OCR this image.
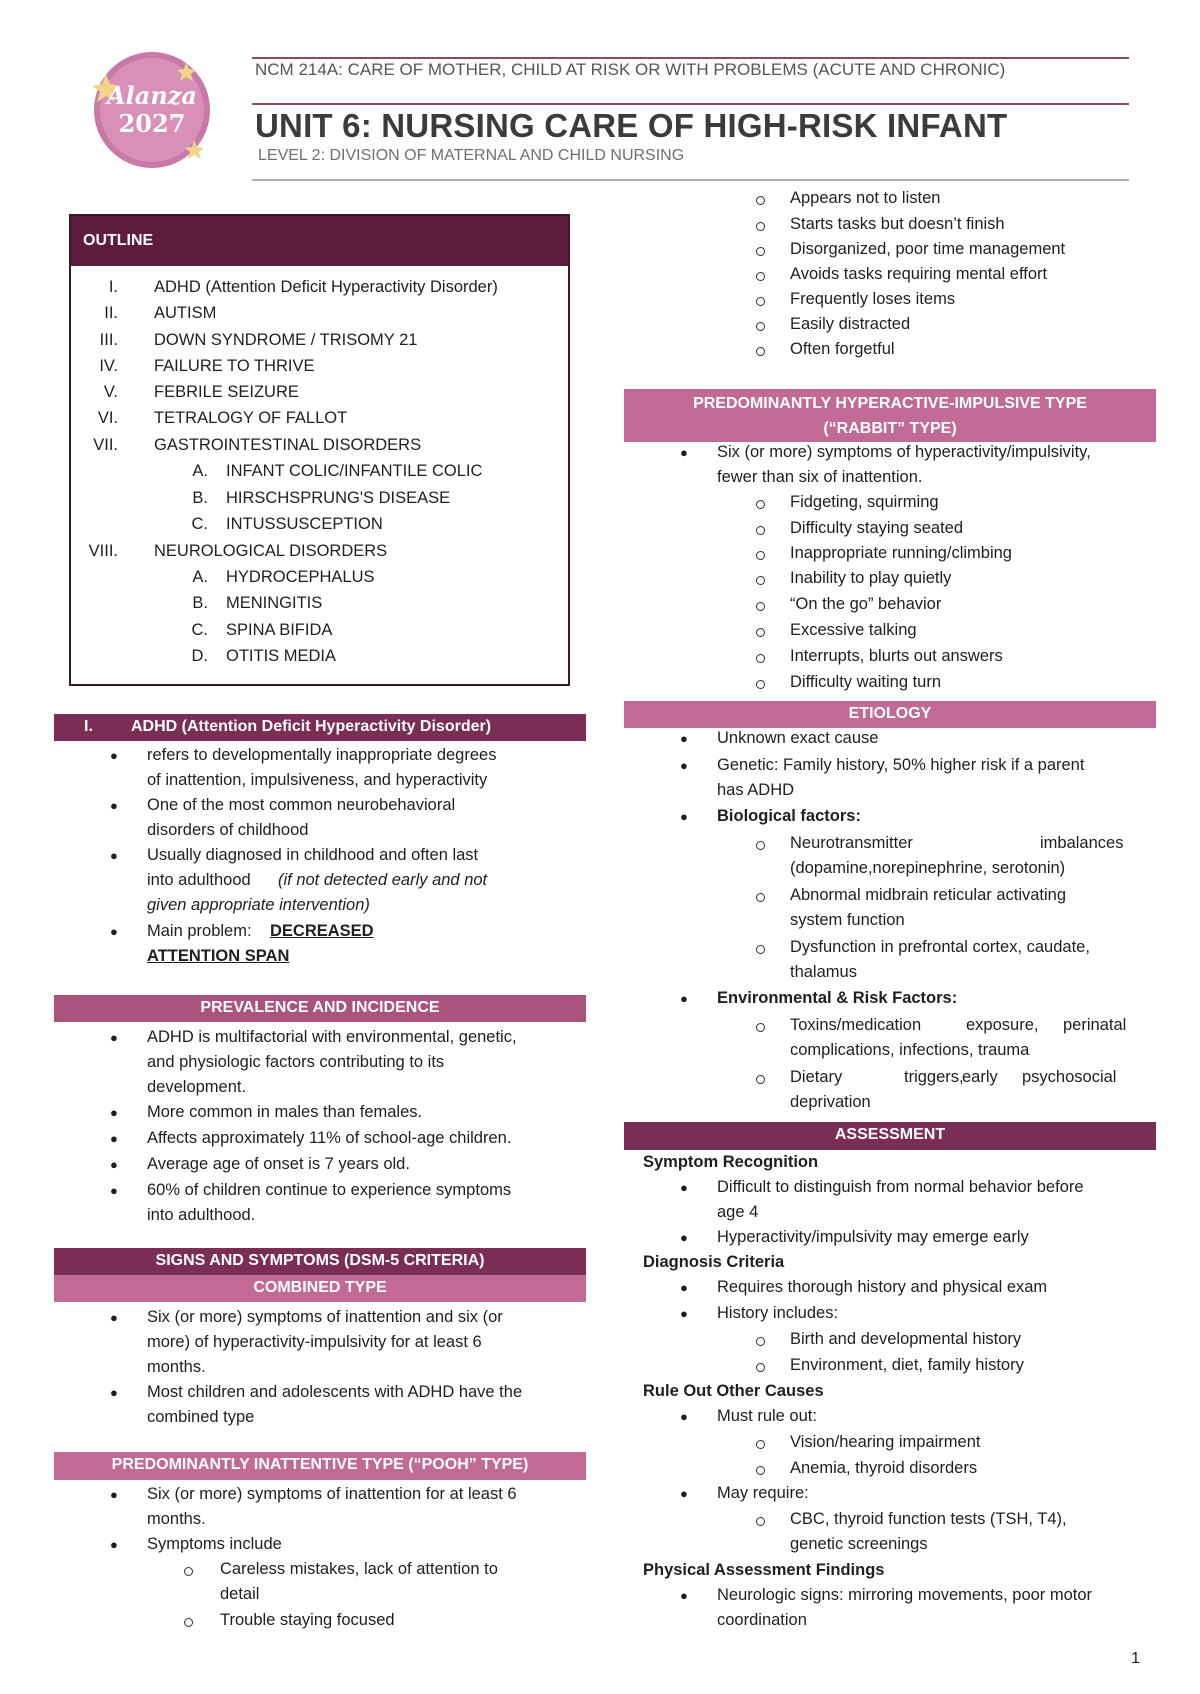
Alanza
2027
NCM 214A: CARE OF MOTHER, CHILD AT RISK OR WITH PROBLEMS (ACUTE AND CHRONIC)
UNIT 6: NURSING CARE OF HIGH-RISK INFANT
LEVEL 2: DIVISION OF MATERNAL AND CHILD NURSING
OUTLINE
I. ADHD (Attention Deficit Hyperactivity Disorder)
II. AUTISM
III. DOWN SYNDROME / TRISOMY 21
IV. FAILURE TO THRIVE
V. FEBRILE SEIZURE
VI. TETRALOGY OF FALLOT
VII. GASTROINTESTINAL DISORDERS
A. INFANT COLIC/INFANTILE COLIC
B. HIRSCHSPRUNG'S DISEASE
C. INTUSSUSCEPTION
VIII. NEUROLOGICAL DISORDERS
A. HYDROCEPHALUS
B. MENINGITIS
C. SPINA BIFIDA
D. OTITIS MEDIA
I. ADHD (Attention Deficit Hyperactivity Disorder)
PREVALENCE AND INCIDENCE
SIGNS AND SYMPTOMS (DSM-5 CRITERIA)
COMBINED TYPE
PREDOMINANTLY INATTENTIVE TYPE (“POOH” TYPE)
PREDOMINANTLY HYPERACTIVE-IMPULSIVE TYPE
(“RABBIT” TYPE)
ETIOLOGY
ASSESSMENT
● refers to developmentally inappropriate degrees
of inattention, impulsiveness, and hyperactivity
● One of the most common neurobehavioral
disorders of childhood
● Usually diagnosed in childhood and often last
into adulthood (if not detected early and not
given appropriate intervention)
● Main problem: DECREASED
ATTENTION SPAN
● ADHD is multifactorial with environmental, genetic,
and physiologic factors contributing to its
development.
● More common in males than females.
● Affects approximately 11% of school-age children.
● Average age of onset is 7 years old.
● 60% of children continue to experience symptoms
into adulthood.
● Six (or more) symptoms of inattention and six (or
more) of hyperactivity-impulsivity for at least 6
months.
● Most children and adolescents with ADHD have the
combined type
● Six (or more) symptoms of inattention for at least 6
months.
● Symptoms include
Careless mistakes, lack of attention to
detail
Trouble staying focused
Appears not to listen
Starts tasks but doesn’t finish
Disorganized, poor time management
Avoids tasks requiring mental effort
Frequently loses items
Easily distracted
Often forgetful
● Six (or more) symptoms of hyperactivity/impulsivity,
fewer than six of inattention.
Fidgeting, squirming
Difficulty staying seated
Inappropriate running/climbing
Inability to play quietly
“On the go” behavior
Excessive talking
Interrupts, blurts out answers
Difficulty waiting turn
● Unknown exact cause
● Genetic: Family history, 50% higher risk if a parent
has ADHD
● Biological factors:
Neurotransmitter	imbalances
(dopamine,norepinephrine, serotonin)
Abnormal midbrain reticular activating
system function
Dysfunction in prefrontal cortex, caudate,
thalamus
● Environmental & Risk Factors:
Toxins/medication	exposure, perinatal
complications, infections, trauma
Dietary	triggers,
early psychosocial
deprivation
Symptom Recognition
● Difficult to distinguish from normal behavior before
age 4
● Hyperactivity/impulsivity may emerge early
Diagnosis Criteria
● Requires thorough history and physical exam
● History includes:
Birth and developmental history
Environment, diet, family history
Rule Out Other Causes
● Must rule out:
Vision/hearing impairment
Anemia, thyroid disorders
● May require:
CBC, thyroid function tests (TSH, T4),
genetic screenings
Physical Assessment Findings
● Neurologic signs: mirroring movements, poor motor
coordination
1
